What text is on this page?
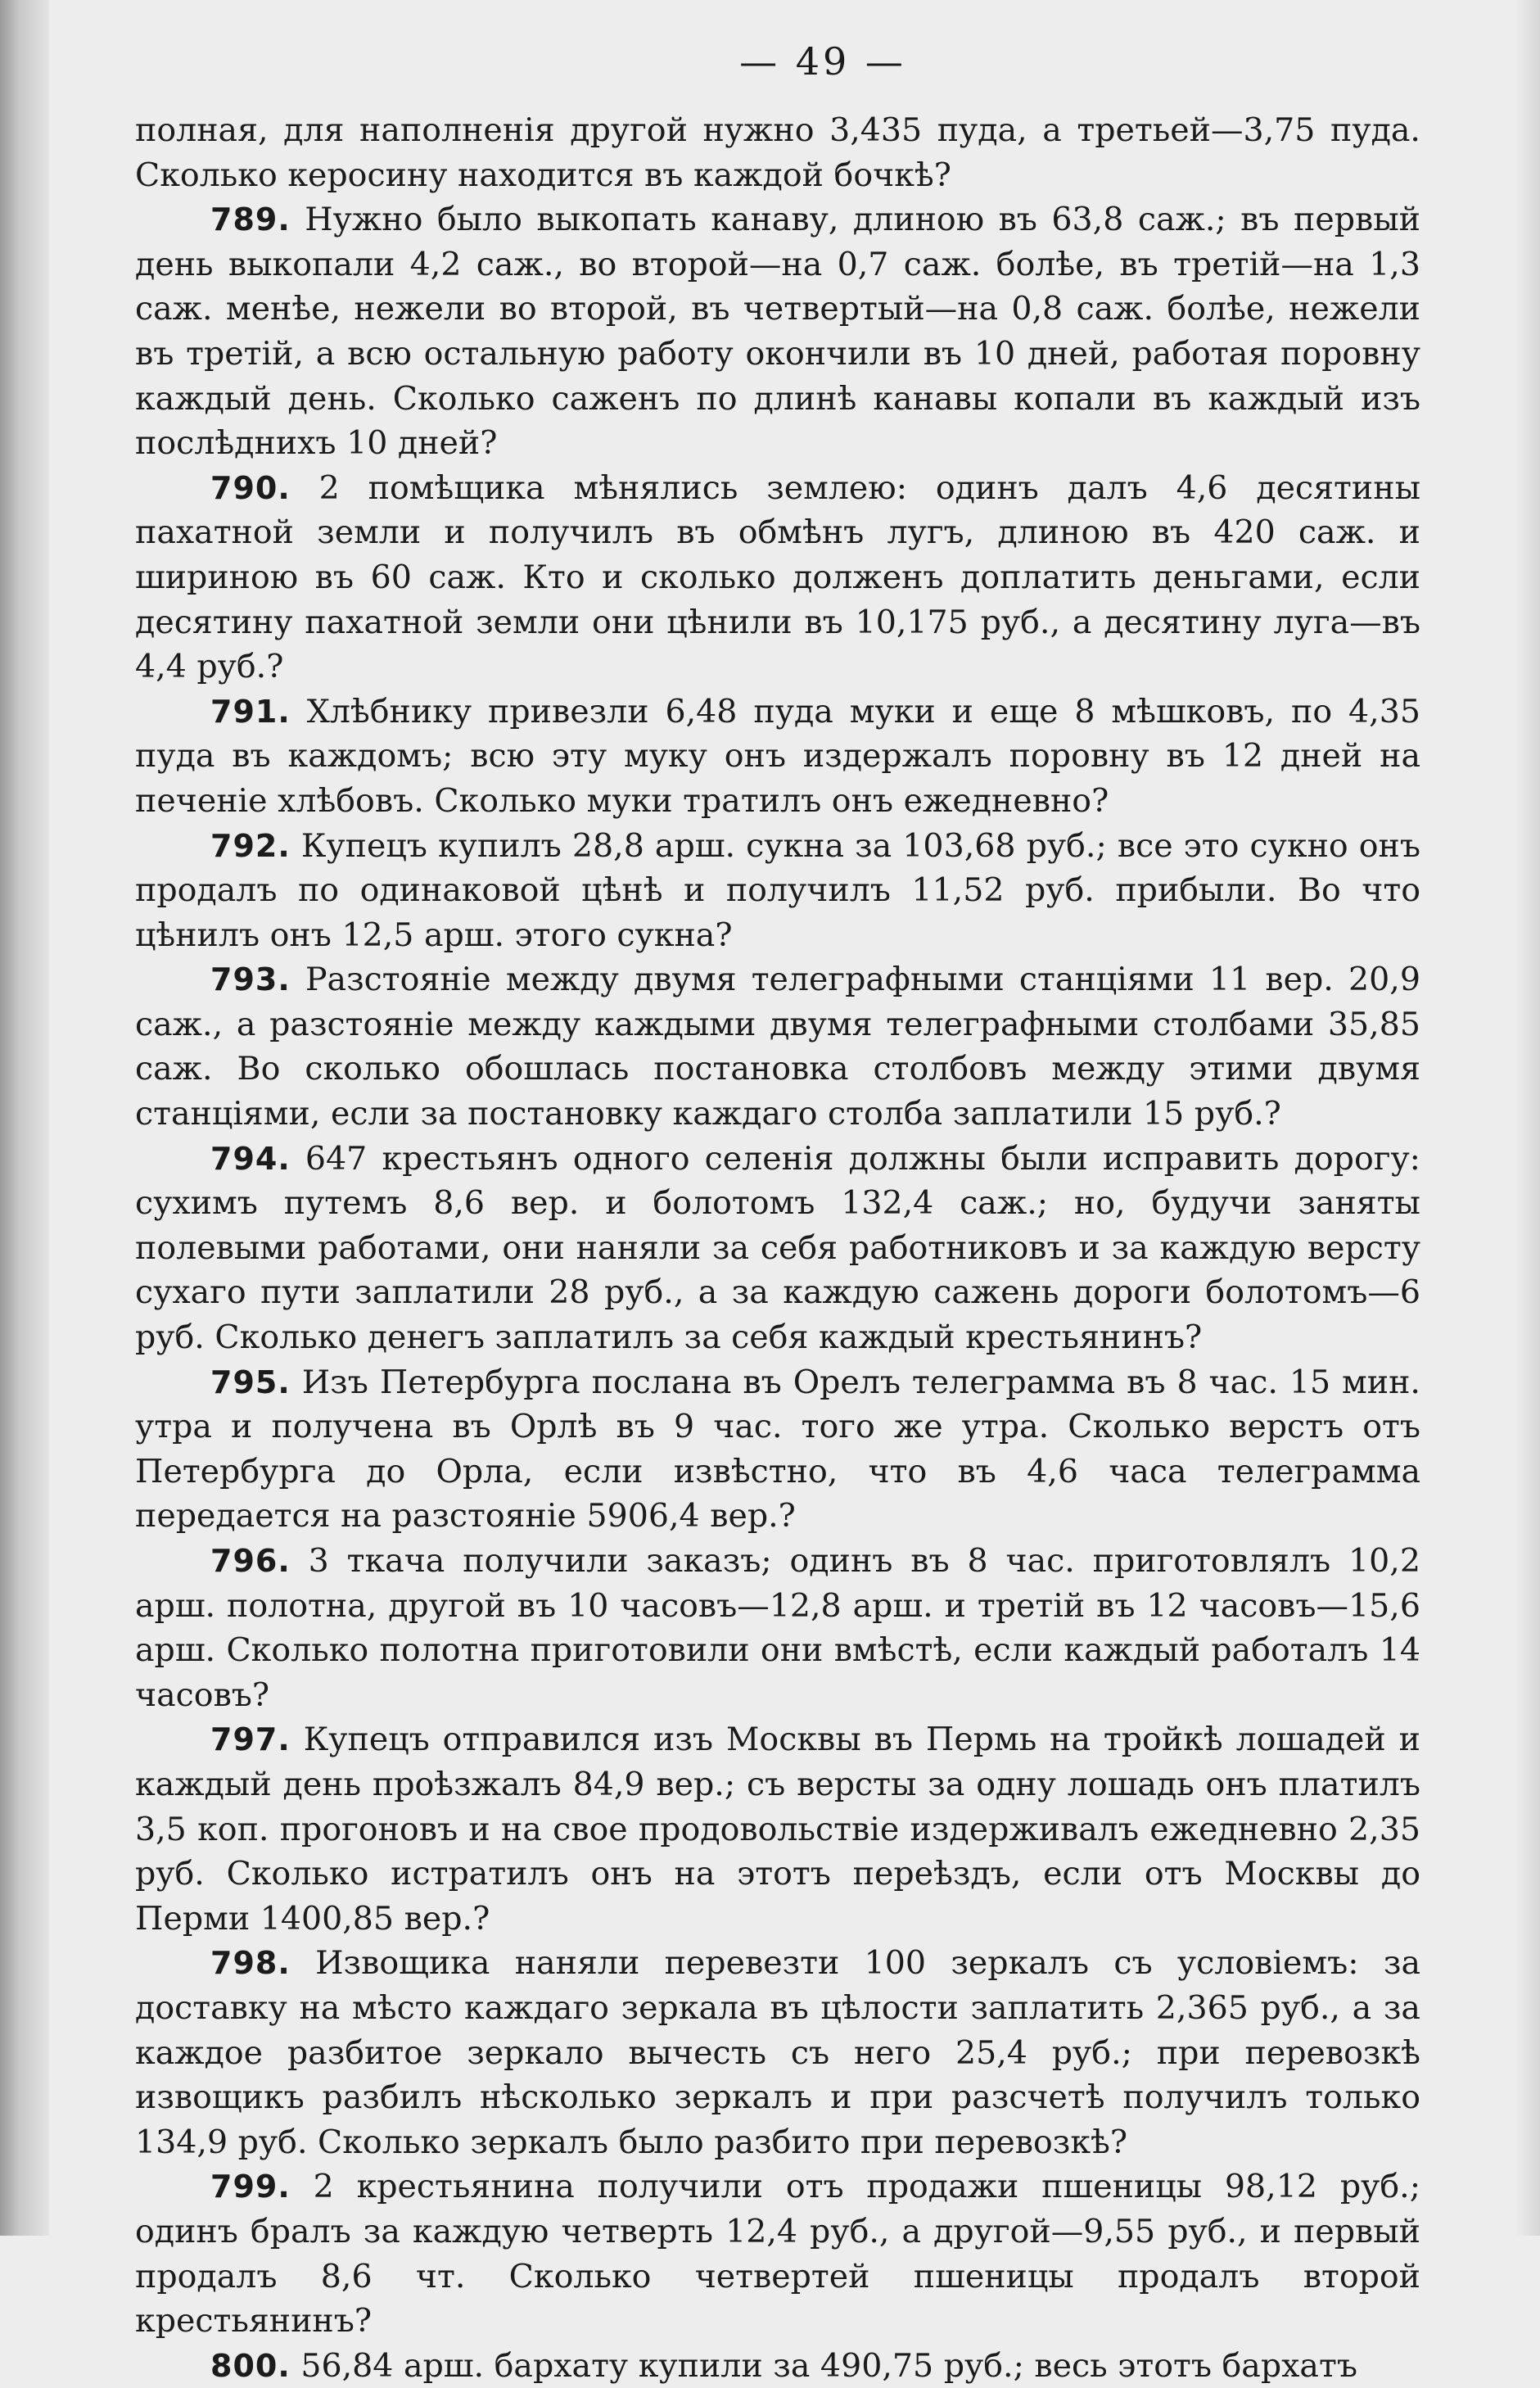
— 49 —

полная, для наполненія другой нужно 3,435 пуда, а третьей—3,75 пуда. Сколько керосину находится въ каждой бочкѣ?

789. Нужно было выкопать канаву, длиною въ 63,8 саж.; въ первый день выкопали 4,2 саж., во второй—на 0,7 саж. болѣе, въ третій—на 1,3 саж. менѣе, нежели во второй, въ четвертый—на 0,8 саж. болѣе, нежели въ третій, а всю остальную работу окончили въ 10 дней, работая поровну каждый день. Сколько саженъ по длинѣ канавы копали въ каждый изъ послѣднихъ 10 дней?

790. 2 помѣщика мѣнялись землею: одинъ далъ 4,6 десятины пахатной земли и получилъ въ обмѣнъ лугъ, длиною въ 420 саж. и шириною въ 60 саж. Кто и сколько долженъ доплатить деньгами, если десятину пахатной земли они цѣнили въ 10,175 руб., а десятину луга—въ 4,4 руб.?

791. Хлѣбнику привезли 6,48 пуда муки и еще 8 мѣшковъ, по 4,35 пуда въ каждомъ; всю эту муку онъ издержалъ поровну въ 12 дней на печеніе хлѣбовъ. Сколько муки тратилъ онъ ежедневно?

792. Купецъ купилъ 28,8 арш. сукна за 103,68 руб.; все это сукно онъ продалъ по одинаковой цѣнѣ и получилъ 11,52 руб. прибыли. Во что цѣнилъ онъ 12,5 арш. этого сукна?

793. Разстояніе между двумя телеграфными станціями 11 вер. 20,9 саж., а разстояніе между каждыми двумя телеграфными столбами 35,85 саж. Во сколько обошлась постановка столбовъ между этими двумя станціями, если за постановку каждаго столба заплатили 15 руб.?

794. 647 крестьянъ одного селенія должны были исправить дорогу: сухимъ путемъ 8,6 вер. и болотомъ 132,4 саж.; но, будучи заняты полевыми работами, они наняли за себя работниковъ и за каждую версту сухаго пути заплатили 28 руб., а за каждую сажень дороги болотомъ—6 руб. Сколько денегъ заплатилъ за себя каждый крестьянинъ?

795. Изъ Петербурга послана въ Орелъ телеграмма въ 8 час. 15 мин. утра и получена въ Орлѣ въ 9 час. того же утра. Сколько верстъ отъ Петербурга до Орла, если извѣстно, что въ 4,6 часа телеграмма передается на разстояніе 5906,4 вер.?

796. 3 ткача получили заказъ; одинъ въ 8 час. приготовлялъ 10,2 арш. полотна, другой въ 10 часовъ—12,8 арш. и третій въ 12 часовъ—15,6 арш. Сколько полотна приготовили они вмѣстѣ, если каждый работалъ 14 часовъ?

797. Купецъ отправился изъ Москвы въ Пермь на тройкѣ лошадей и каждый день проѣзжалъ 84,9 вер.; съ версты за одну лошадь онъ платилъ 3,5 коп. прогоновъ и на свое продовольствіе издерживалъ ежедневно 2,35 руб. Сколько истратилъ онъ на этотъ переѣздъ, если отъ Москвы до Перми 1400,85 вер.?

798. Извощика наняли перевезти 100 зеркалъ съ условіемъ: за доставку на мѣсто каждаго зеркала въ цѣлости заплатить 2,365 руб., а за каждое разбитое зеркало вычесть съ него 25,4 руб.; при перевозкѣ извощикъ разбилъ нѣсколько зеркалъ и при разсчетѣ получилъ только 134,9 руб. Сколько зеркалъ было разбито при перевозкѣ?

799. 2 крестьянина получили отъ продажи пшеницы 98,12 руб.; одинъ бралъ за каждую четверть 12,4 руб., а другой—9,55 руб., и первый продалъ 8,6 чт. Сколько четвертей пшеницы продалъ второй крестьянинъ?

800. 56,84 арш. бархату купили за 490,75 руб.; весь этотъ бархатъ
